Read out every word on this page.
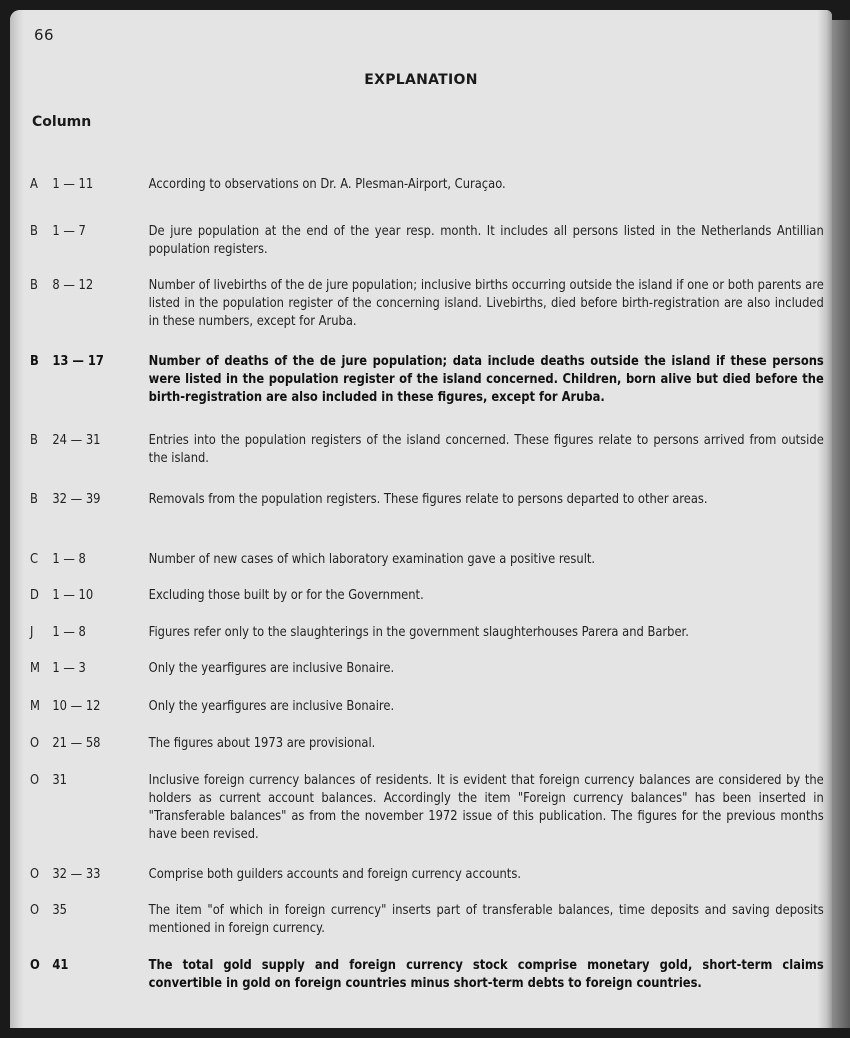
66
EXPLANATION
Column
A	1 — 11	According to observations on Dr. A. Plesman-Airport, Curaçao.
B	1 — 7	De jure population at the end of the year resp. month. It includes all persons listed in the Netherlands Antillian population registers.
B	8 — 12	Number of livebirths of the de jure population; inclusive births occurring outside the island if one or both parents are listed in the population register of the concerning island. Livebirths, died before birth-registration are also included in these numbers, except for Aruba.
B	13 — 17	Number of deaths of the de jure population; data include deaths outside the island if these persons were listed in the population register of the island concerned. Children, born alive but died before the birth-registration are also included in these figures, except for Aruba.
B	24 — 31	Entries into the population registers of the island concerned. These figures relate to persons arrived from outside the island.
B	32 — 39	Removals from the population registers. These figures relate to persons departed to other areas.
C	1 — 8	Number of new cases of which laboratory examination gave a positive result.
D	1 — 10	Excluding those built by or for the Government.
J	1 — 8	Figures refer only to the slaughterings in the government slaughterhouses Parera and Barber.
M 1 — 3	Only the yearfigures are inclusive Bonaire.
M 10 — 12	Only the yearfigures are inclusive Bonaire.
O 21 — 58	The figures about 1973 are provisional.
O 31	Inclusive foreign currency balances of residents. It is evident that foreign currency balances are considered by the holders as current account balances. Accordingly the item "Foreign currency balances" has been inserted in "Transferable balances" as from the november 1972 issue of this publication. The figures for the previous months have been revised.
O 32 — 33	Comprise both guilders accounts and foreign currency accounts.
O 35	The item "of which in foreign currency" inserts part of transferable balances, time deposits and saving deposits mentioned in foreign currency.
O 41	The total gold supply and foreign currency stock comprise monetary gold, short-term claims convertible in gold on foreign countries minus short-term debts to foreign countries.
